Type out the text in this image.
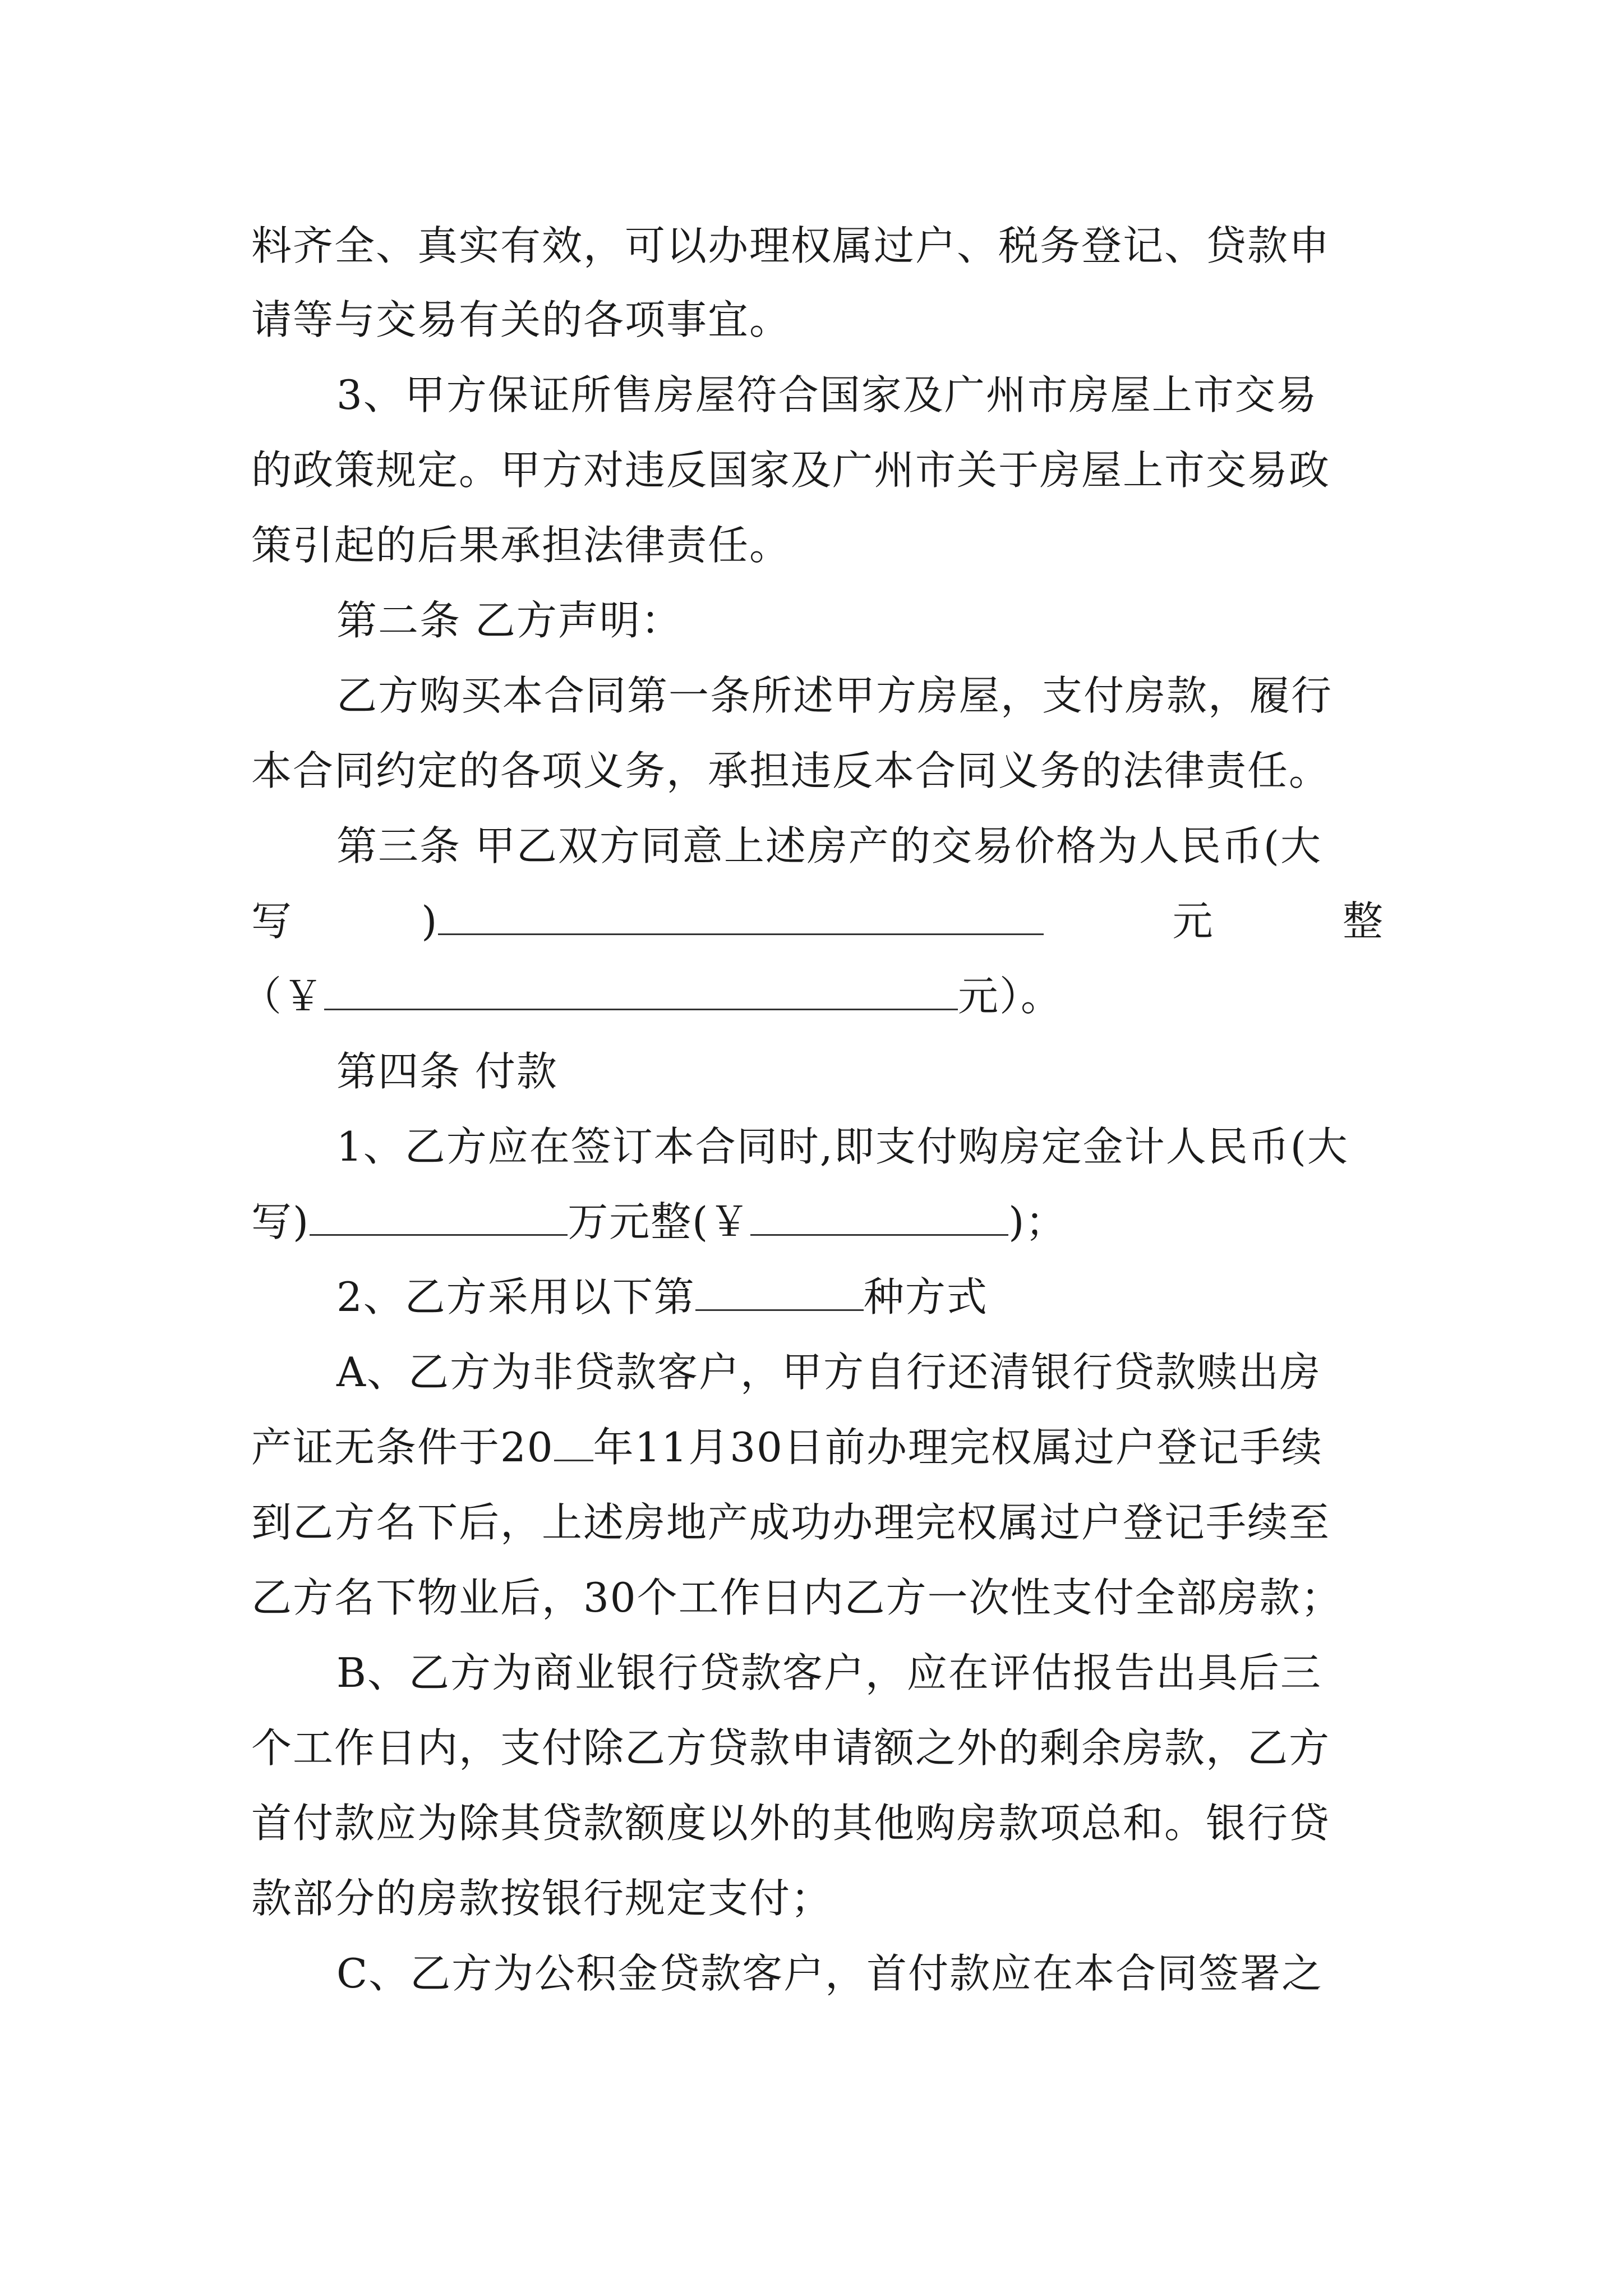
料齐全、真实有效，可以办理权属过户、税务登记、贷款申
请等与交易有关的各项事宜。
3、甲方保证所售房屋符合国家及广州市房屋上市交易
的政策规定。甲方对违反国家及广州市关于房屋上市交易政
策引起的后果承担法律责任。
第二条 乙方声明：
乙方购买本合同第一条所述甲方房屋，支付房款，履行
本合同约定的各项义务，承担违反本合同义务的法律责任。
第三条 甲乙双方同意上述房产的交易价格为人民币(大
写	)	元	整
（￥	元）。
第四条 付款
1、乙方应在签订本合同时,即支付购房定金计人民币(大
写)	万元整(￥	)；
2、乙方采用以下第	种方式
A、乙方为非贷款客户，甲方自行还清银行贷款赎出房
产证无条件于20 年11月30日前办理完权属过户登记手续
到乙方名下后，上述房地产成功办理完权属过户登记手续至
乙方名下物业后，30个工作日内乙方一次性支付全部房款；
B、乙方为商业银行贷款客户，应在评估报告出具后三
个工作日内，支付除乙方贷款申请额之外的剩余房款，乙方
首付款应为除其贷款额度以外的其他购房款项总和。银行贷
款部分的房款按银行规定支付；
C、乙方为公积金贷款客户，首付款应在本合同签署之
